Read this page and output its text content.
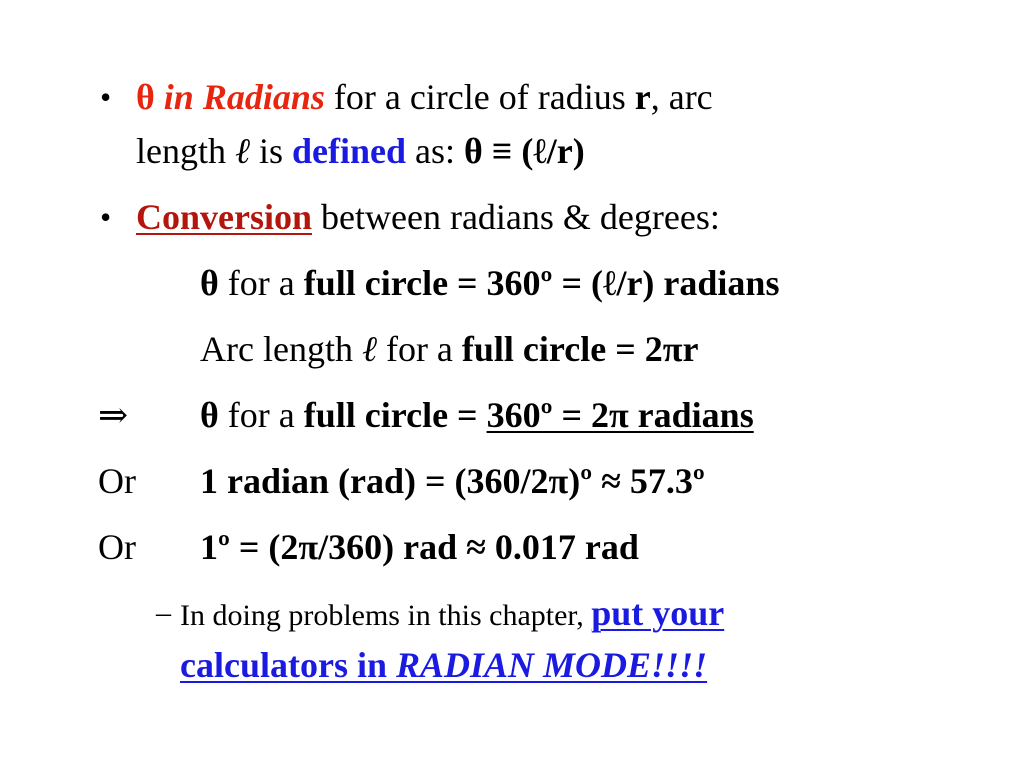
• θ in Radians for a circle of radius r, arc
length ℓ is defined as: θ ≡ (ℓ/r)
• Conversion between radians & degrees:
θ for a full circle = 360º = (ℓ/r) radians
Arc length ℓ for a full circle = 2πr
⇒ θ for a full circle = 360º = 2π radians
Or 1 radian (rad) = (360/2π)º ≈ 57.3º
Or 1º = (2π/360) rad ≈ 0.017 rad
– In doing problems in this chapter, put your
calculators in RADIAN MODE!!!!
